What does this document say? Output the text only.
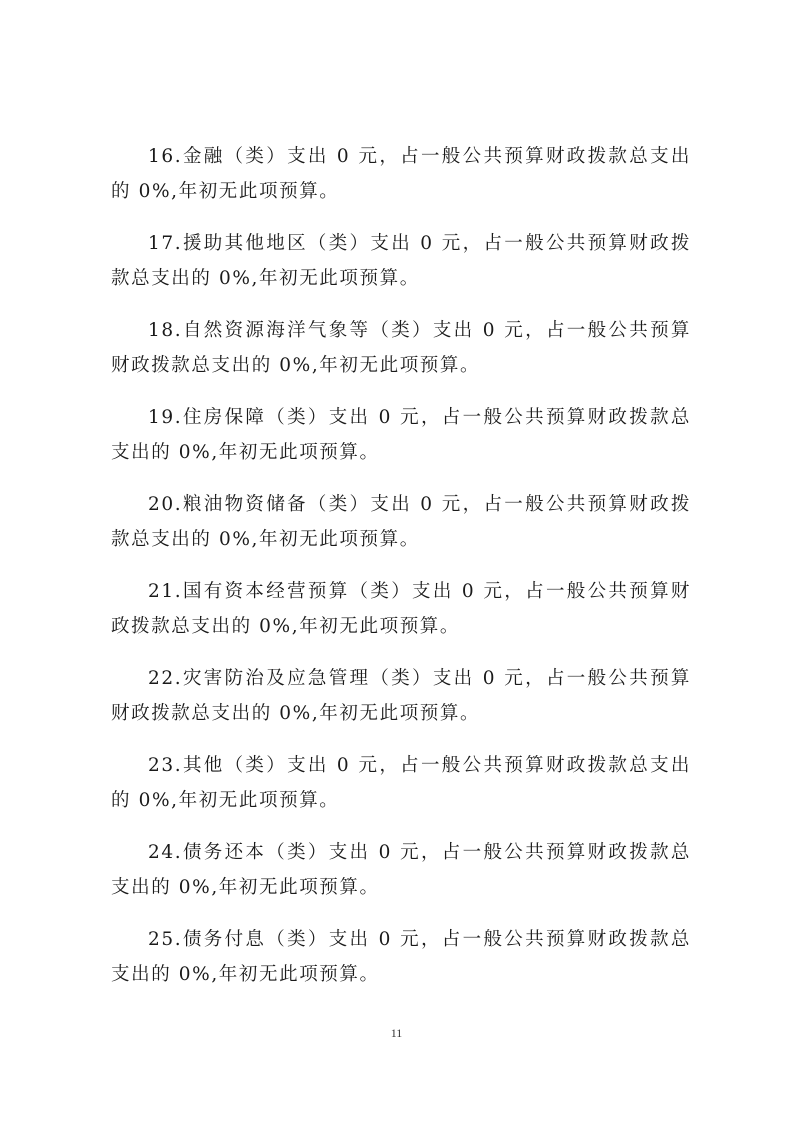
16.金融（类）支出 0 元，占一般公共预算财政拨款总支出的 0%,年初无此项预算。

17.援助其他地区（类）支出 0 元，占一般公共预算财政拨款总支出的 0%,年初无此项预算。

18.自然资源海洋气象等（类）支出 0 元，占一般公共预算财政拨款总支出的 0%,年初无此项预算。

19.住房保障（类）支出 0 元，占一般公共预算财政拨款总支出的 0%,年初无此项预算。

20.粮油物资储备（类）支出 0 元，占一般公共预算财政拨款总支出的 0%,年初无此项预算。

21.国有资本经营预算（类）支出 0 元，占一般公共预算财政拨款总支出的 0%,年初无此项预算。

22.灾害防治及应急管理（类）支出 0 元，占一般公共预算财政拨款总支出的 0%,年初无此项预算。

23.其他（类）支出 0 元，占一般公共预算财政拨款总支出的 0%,年初无此项预算。

24.债务还本（类）支出 0 元，占一般公共预算财政拨款总支出的 0%,年初无此项预算。

25.债务付息（类）支出 0 元，占一般公共预算财政拨款总支出的 0%,年初无此项预算。

11
